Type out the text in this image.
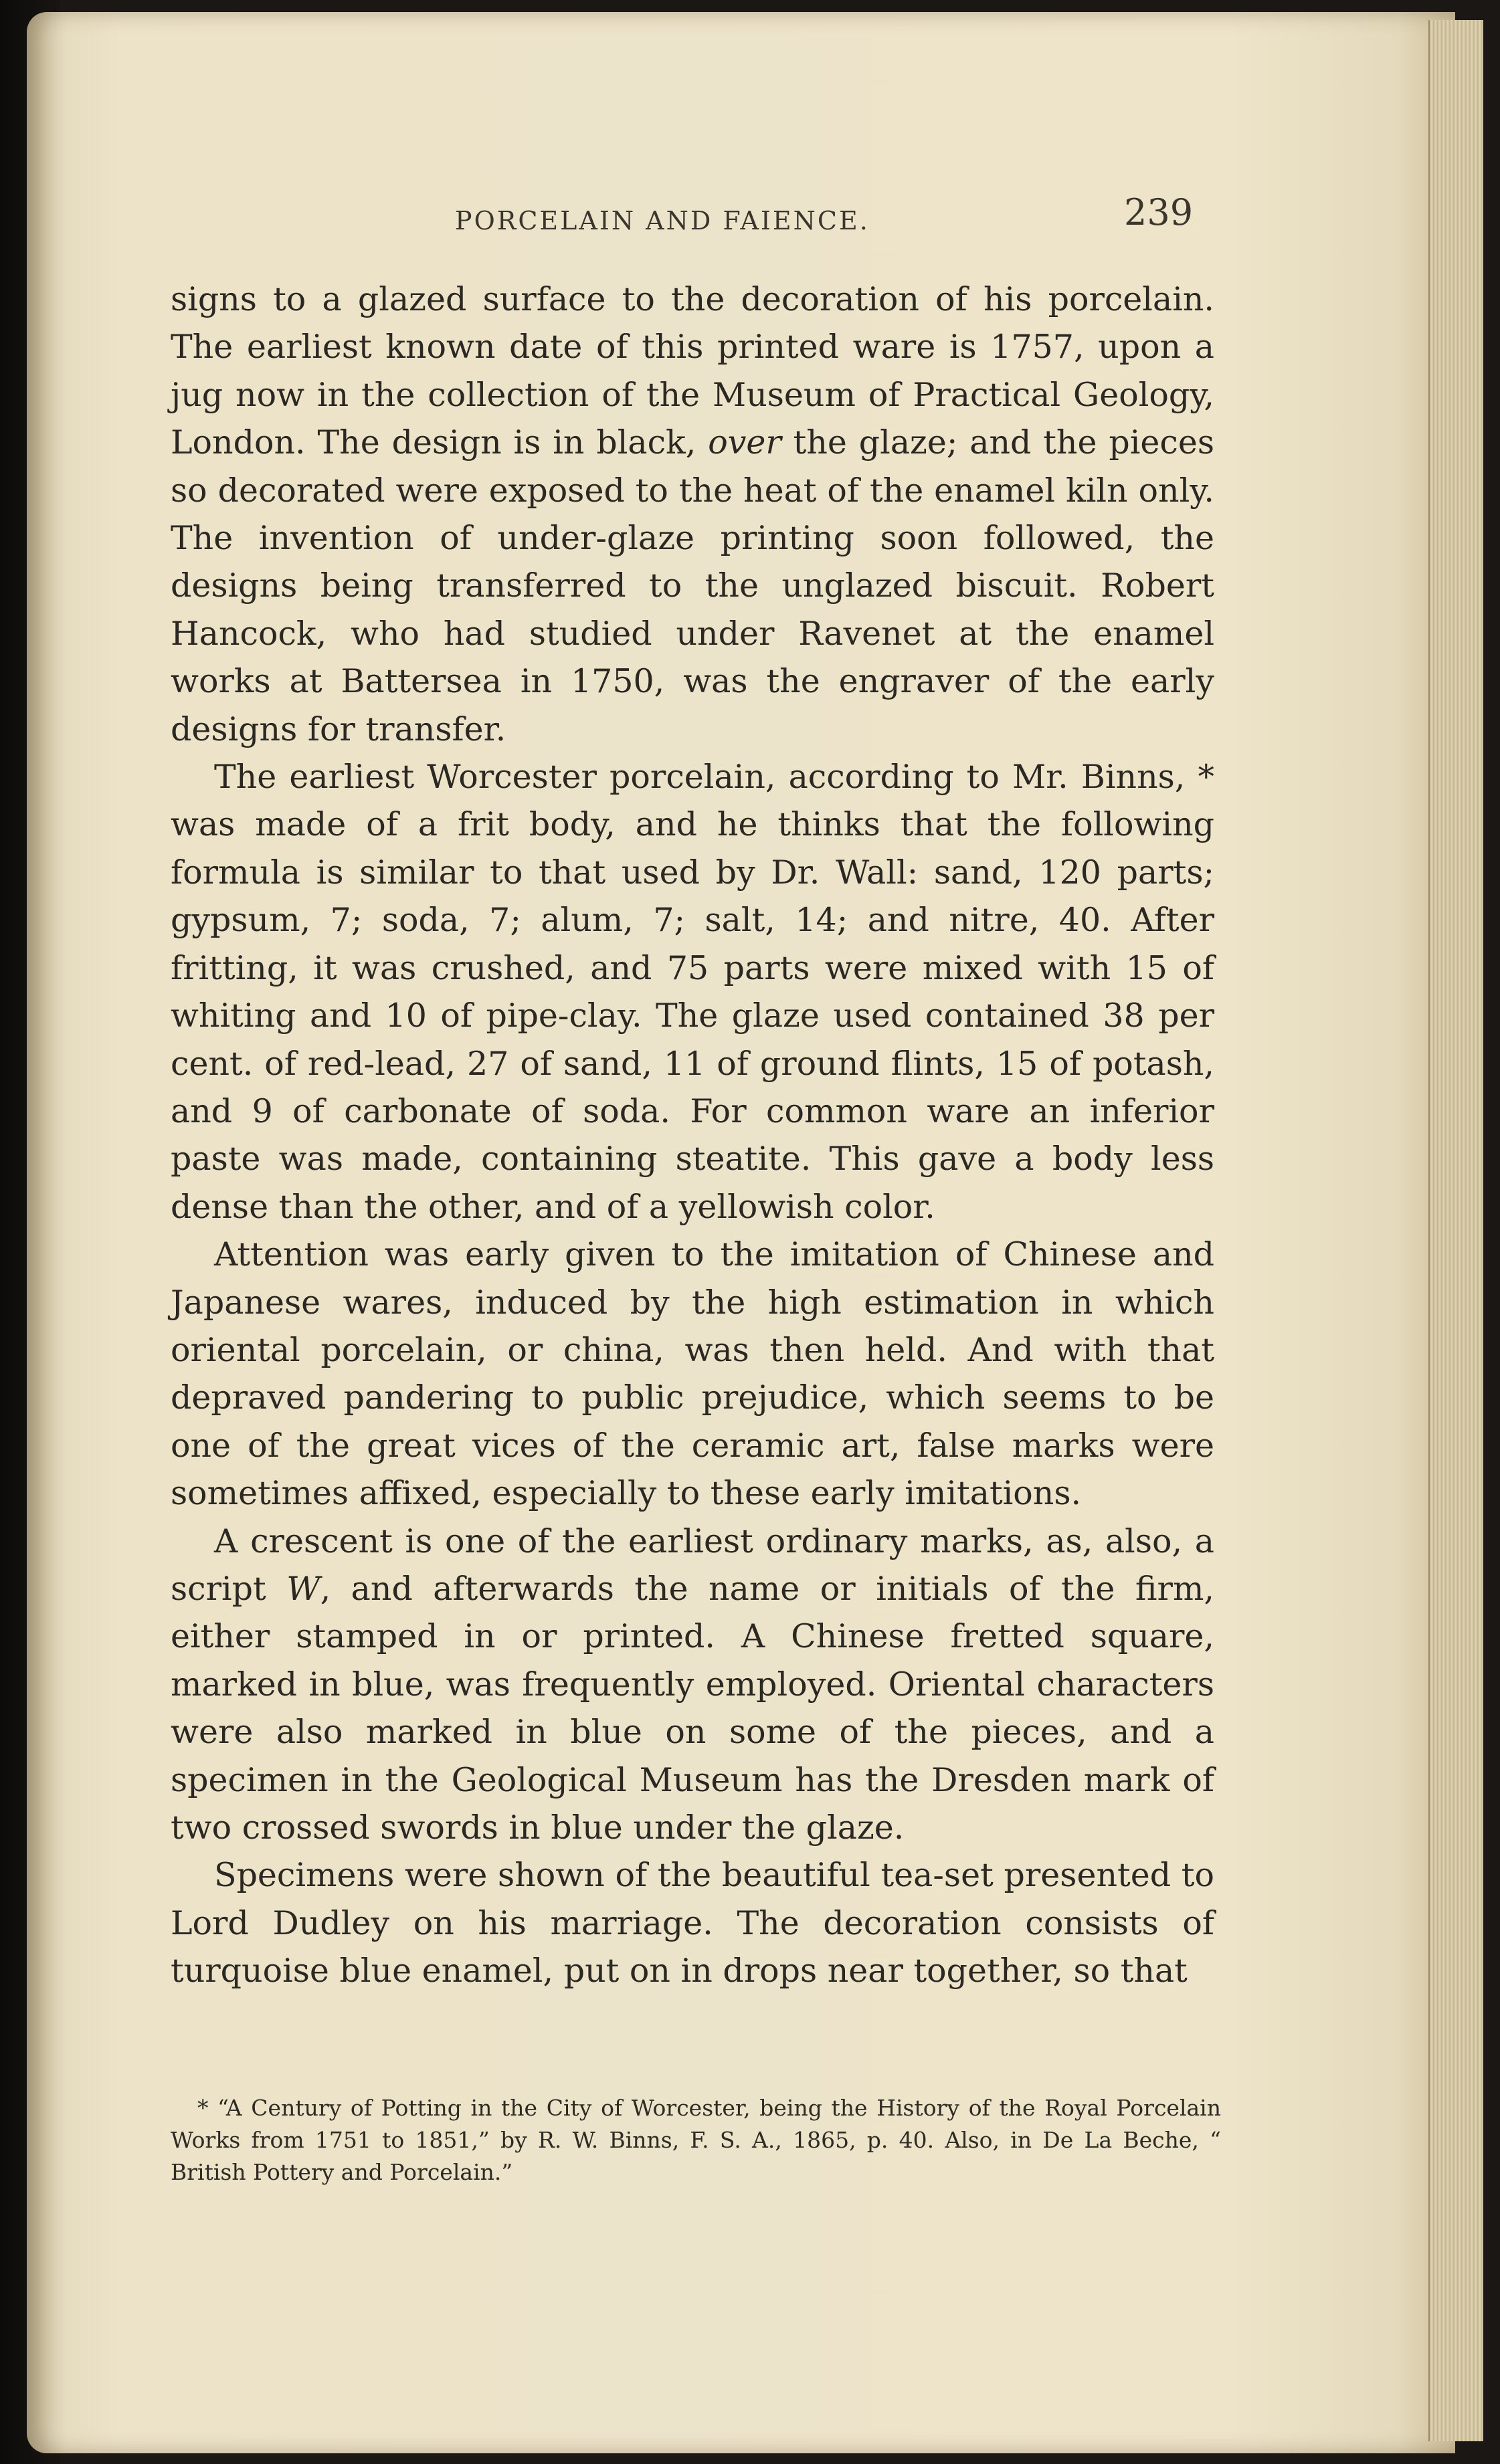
PORCELAIN AND FAIENCE.	239

signs to a glazed surface to the decoration of his porcelain. The earliest known date of this printed ware is 1757, upon a jug now in the collection of the Museum of Practical Geology, London. The design is in black, over the glaze; and the pieces so decorated were exposed to the heat of the enamel kiln only. The invention of under-glaze printing soon followed, the designs being transferred to the unglazed biscuit. Robert Hancock, who had studied under Ravenet at the enamel works at Battersea in 1750, was the engraver of the early designs for transfer.

The earliest Worcester porcelain, according to Mr. Binns, * was made of a frit body, and he thinks that the following formula is similar to that used by Dr. Wall: sand, 120 parts; gypsum, 7; soda, 7; alum, 7; salt, 14; and nitre, 40. After fritting, it was crushed, and 75 parts were mixed with 15 of whiting and 10 of pipe-clay. The glaze used contained 38 per cent. of red-lead, 27 of sand, 11 of ground flints, 15 of potash, and 9 of carbonate of soda. For common ware an inferior paste was made, containing steatite. This gave a body less dense than the other, and of a yellowish color.

Attention was early given to the imitation of Chinese and Japanese wares, induced by the high estimation in which oriental porcelain, or china, was then held. And with that depraved pandering to public prejudice, which seems to be one of the great vices of the ceramic art, false marks were sometimes affixed, especially to these early imitations.

A crescent is one of the earliest ordinary marks, as, also, a script W, and afterwards the name or initials of the firm, either stamped in or printed. A Chinese fretted square, marked in blue, was frequently employed. Oriental characters were also marked in blue on some of the pieces, and a specimen in the Geological Museum has the Dresden mark of two crossed swords in blue under the glaze.

Specimens were shown of the beautiful tea-set presented to Lord Dudley on his marriage. The decoration consists of turquoise blue enamel, put on in drops near together, so that

* “A Century of Potting in the City of Worcester, being the History of the Royal Porcelain Works from 1751 to 1851,” by R. W. Binns, F. S. A., 1865, p. 40. Also, in De La Beche, “ British Pottery and Porcelain.”
